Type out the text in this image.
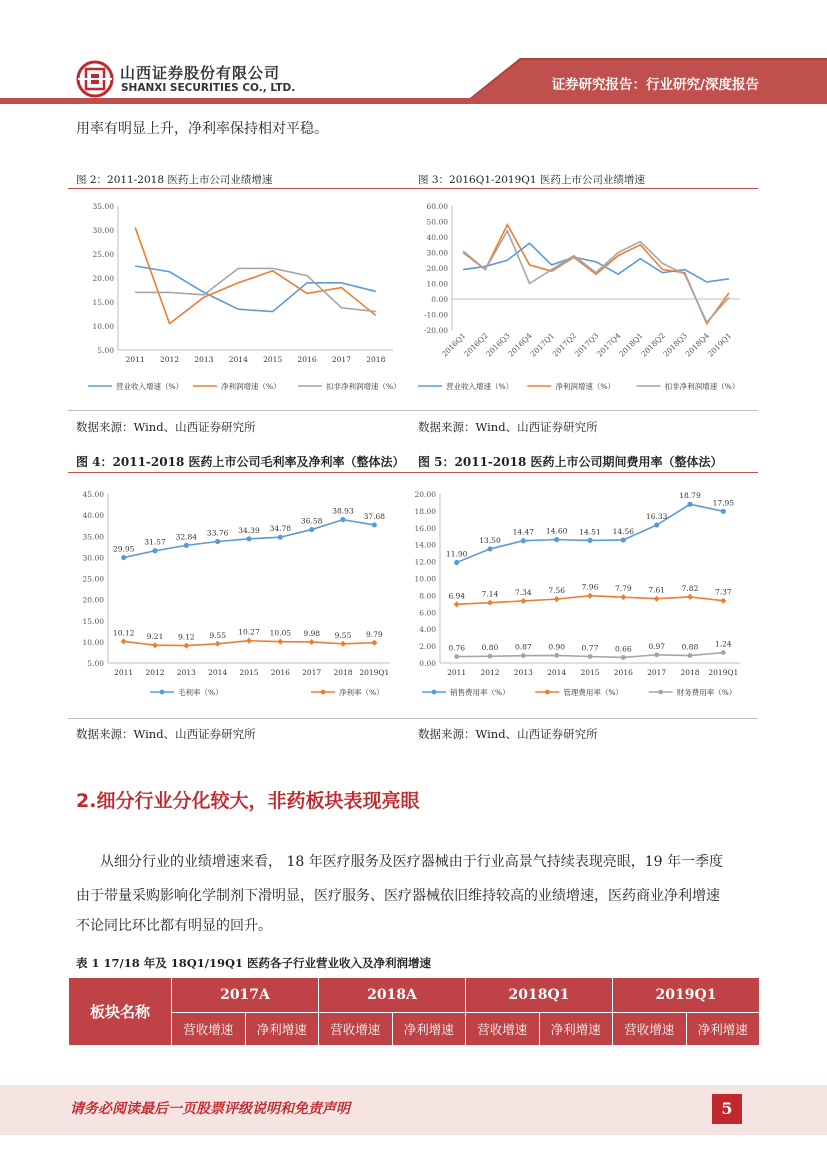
山西证券股份有限公司
SHANXI SECURITIES CO., LTD.	证券研究报告：行业研究/深度报告
用率有明显上升，净利率保持相对平稳。
图 2：2011-2018 医药上市公司业绩增速	图 3：2016Q1-2019Q1 医药上市公司业绩增速
35.00
30.00
25.00
20.00
15.00
10.00
5.00
2011 2012 2013 2014 2015 2016 2017 2018
营业收入增速（%）	净利润增速（%）	扣非净利润增速（%）
60.00
50.00
40.00
30.00
20.00
10.00
0.00
-10.00
-20.00
2016Q1
2016Q2
2016Q3
2016Q4
2017Q1
2017Q2
2017Q3
2017Q4
2018Q1
2018Q2
2018Q3
2018Q4
2019Q1
营业收入增速（%）	净利润增速（%）	扣非净利润增速（%）
数据来源：Wind、山西证券研究所	数据来源：Wind、山西证券研究所
图 4：2011-2018 医药上市公司毛利率及净利率（整体法） 图 5：2011-2018 医药上市公司期间费用率（整体法）
45.00
40.00
35.00
30.00
25.00
20.00
15.00
10.00
5.00
2011 2012 2013 2014 2015 2016 2017 2018 2019Q1
29.95
31.57
32.84 33.76 34.39 34.78
36.58
38.93
37.68
10.12 9.21 9.12 9.55 10.27 10.05 9.98 9.55 9.79
毛利率（%）	净利率（%）
20.00
18.00
16.00
14.00
12.00
10.00
8.00
6.00
4.00
2.00
0.00
2011 2012 2013 2014 2015 2016 2017 2018 2019Q1
11.90
13.50
14.47 14.60 14.51 14.56
16.33
18.79
17.95
6.94 7.14 7.34 7.56 7.96 7.79 7.61 7.82 7.37
0.76 0.80 0.87 0.90 0.77 0.66 0.97 0.88 1.24
销售费用率（%）	管理费用率（%）	财务费用率（%）
数据来源：Wind、山西证券研究所	数据来源：Wind、山西证券研究所
2.细分行业分化较大，非药板块表现亮眼
从细分行业的业绩增速来看， 18 年医疗服务及医疗器械由于行业高景气持续表现亮眼，19 年一季度
由于带量采购影响化学制剂下滑明显，医疗服务、医疗器械依旧维持较高的业绩增速，医药商业净利增速
不论同比环比都有明显的回升。
表 1 17/18 年及 18Q1/19Q1 医药各子行业营业收入及净利润增速
板块名称	2017A		2018A		2018Q1		2019Q1	
	营收增速	净利增速	营收增速	净利增速	营收增速	净利增速	营收增速	净利增速
请务必阅读最后一页股票评级说明和免责声明	5
